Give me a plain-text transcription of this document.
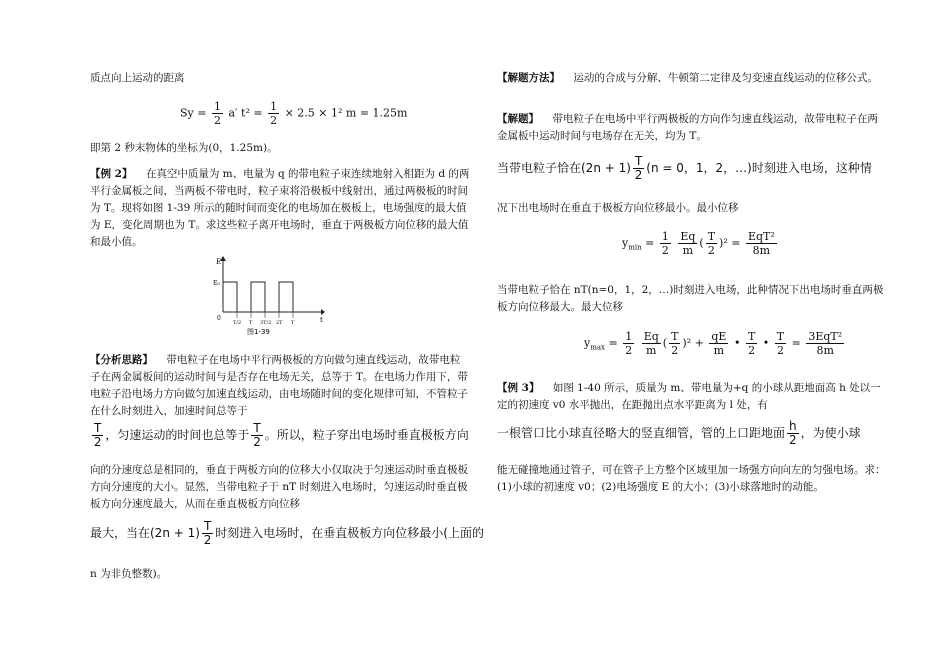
质点向上运动的距离
$Sy = \frac{1}{2} a'$ $t^2 = \frac{1}{2} \times 2.5 \times 1^2$ m = 1.25m
即第 2 秒末物体的坐标为(0，1.25m)。
【例 2】 在真空中质量为 m、电量为 q 的带电粒子束连续地射入相距为 d 的两平行金属板之间，当两板不带电时，粒子束将沿极板中线射出，通过两极板的时间为 T。现将如图 1-39 所示的随时间而变化的电场加在极板上，电场强度的最大值为 E，变化周期也为 T。求这些粒子离开电场时，垂直于两极板方向位移的最大值和最小值。
E
E₀
t
0
T/2 T 3T/2 2T T
图1-39
【分析思路】 带电粒子在电场中平行两极板的方向做匀速直线运动，故带电粒子在两金属板间的运动时间与是否存在电场无关，总等于 T。在电场力作用下，带电粒子沿电场力方向做匀加速直线运动，由电场随时间的变化规律可知，不管粒子在什么时刻进入，加速时间总等于
$\frac{T}{2}$ ，匀速运动的时间也总等于 $\frac{T}{2}$ 。所以，粒子穿出电场时垂直极板方向
向的分速度总是相同的，垂直于两板方向的位移大小仅取决于匀速运动时垂直极板方向分速度的大小。显然，当带电粒子于 nT 时刻进入电场时，匀速运动时垂直极板方向分速度最大，从而在垂直极板方向位移
最大，当在$(2n + 1) \frac{T}{2}$ 时刻进入电场时，在垂直极板方向位移最小(上面的
n 为非负整数)。
【解题方法】 运动的合成与分解、牛顿第二定律及匀变速直线运动的位移公式。
【解题】 带电粒子在电场中平行两极板的方向作匀速直线运动，故带电粒子在两金属板中运动时间与电场存在无关，均为 T。
当带电粒子恰在$(2n + 1) \frac{T}{2} (n = 0$，1，2，…)时刻进入电场，这种情
况下出电场时在垂直于极板方向位移最小。最小位移
$y_{min} = \frac{1}{2}$
$\frac{Eq}{m}$ ( $\frac{T}{2} )^2 = \frac{\text{EqT²}}{8m}$
当带电粒子恰在 nT(n=0，1，2，…)时刻进入电场，此种情况下出电场时垂直两极板方向位移最大。最大位移
$y_{max} = \frac{1}{2}$
$\frac{Eq}{m}$ ( $\frac{T}{2} )^2 + \frac{qE}{m}$ • $\frac{T}{2}$ • $\frac{T}{2} = \frac{\text{3EqT²}}{8m}$
【例 3】 如图 1-40 所示，质量为 m、带电量为+q 的小球从距地面高 h 处以一定的初速度 v0 水平抛出，在距抛出点水平距离为 l 处，有
一根管口比小球直径略大的竖直细管，管的上口距地面 $\frac{h}{2}$ ，为使小球
能无碰撞地通过管子，可在管子上方整个区域里加一场强方向向左的匀强电场。求：(1)小球的初速度 v0；(2)电场强度 E 的大小；(3)小球落地时的动能。
